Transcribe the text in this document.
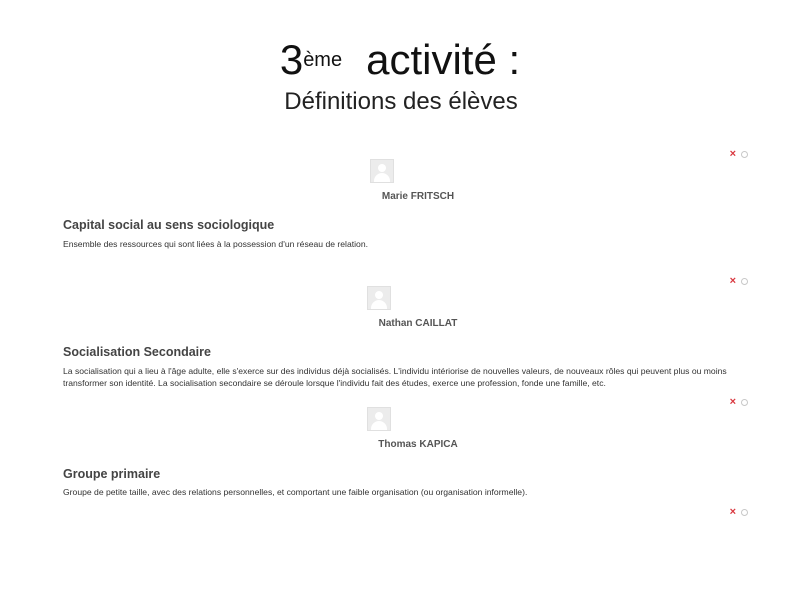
3ème activité :
Définitions des élèves
×
Marie FRITSCH
Capital social au sens sociologique
Ensemble des ressources qui sont liées à la possession d'un réseau de relation.
×
Nathan CAILLAT
Socialisation Secondaire
La socialisation qui a lieu à l'âge adulte, elle s'exerce sur des individus déjà socialisés. L'individu intériorise de nouvelles valeurs, de nouveaux rôles qui peuvent plus ou moins transformer son identité. La socialisation secondaire se déroule lorsque l'individu fait des études, exerce une profession, fonde une famille, etc.
×
Thomas KAPICA
Groupe primaire
Groupe de petite taille, avec des relations personnelles, et comportant une faible organisation (ou organisation informelle).
×
